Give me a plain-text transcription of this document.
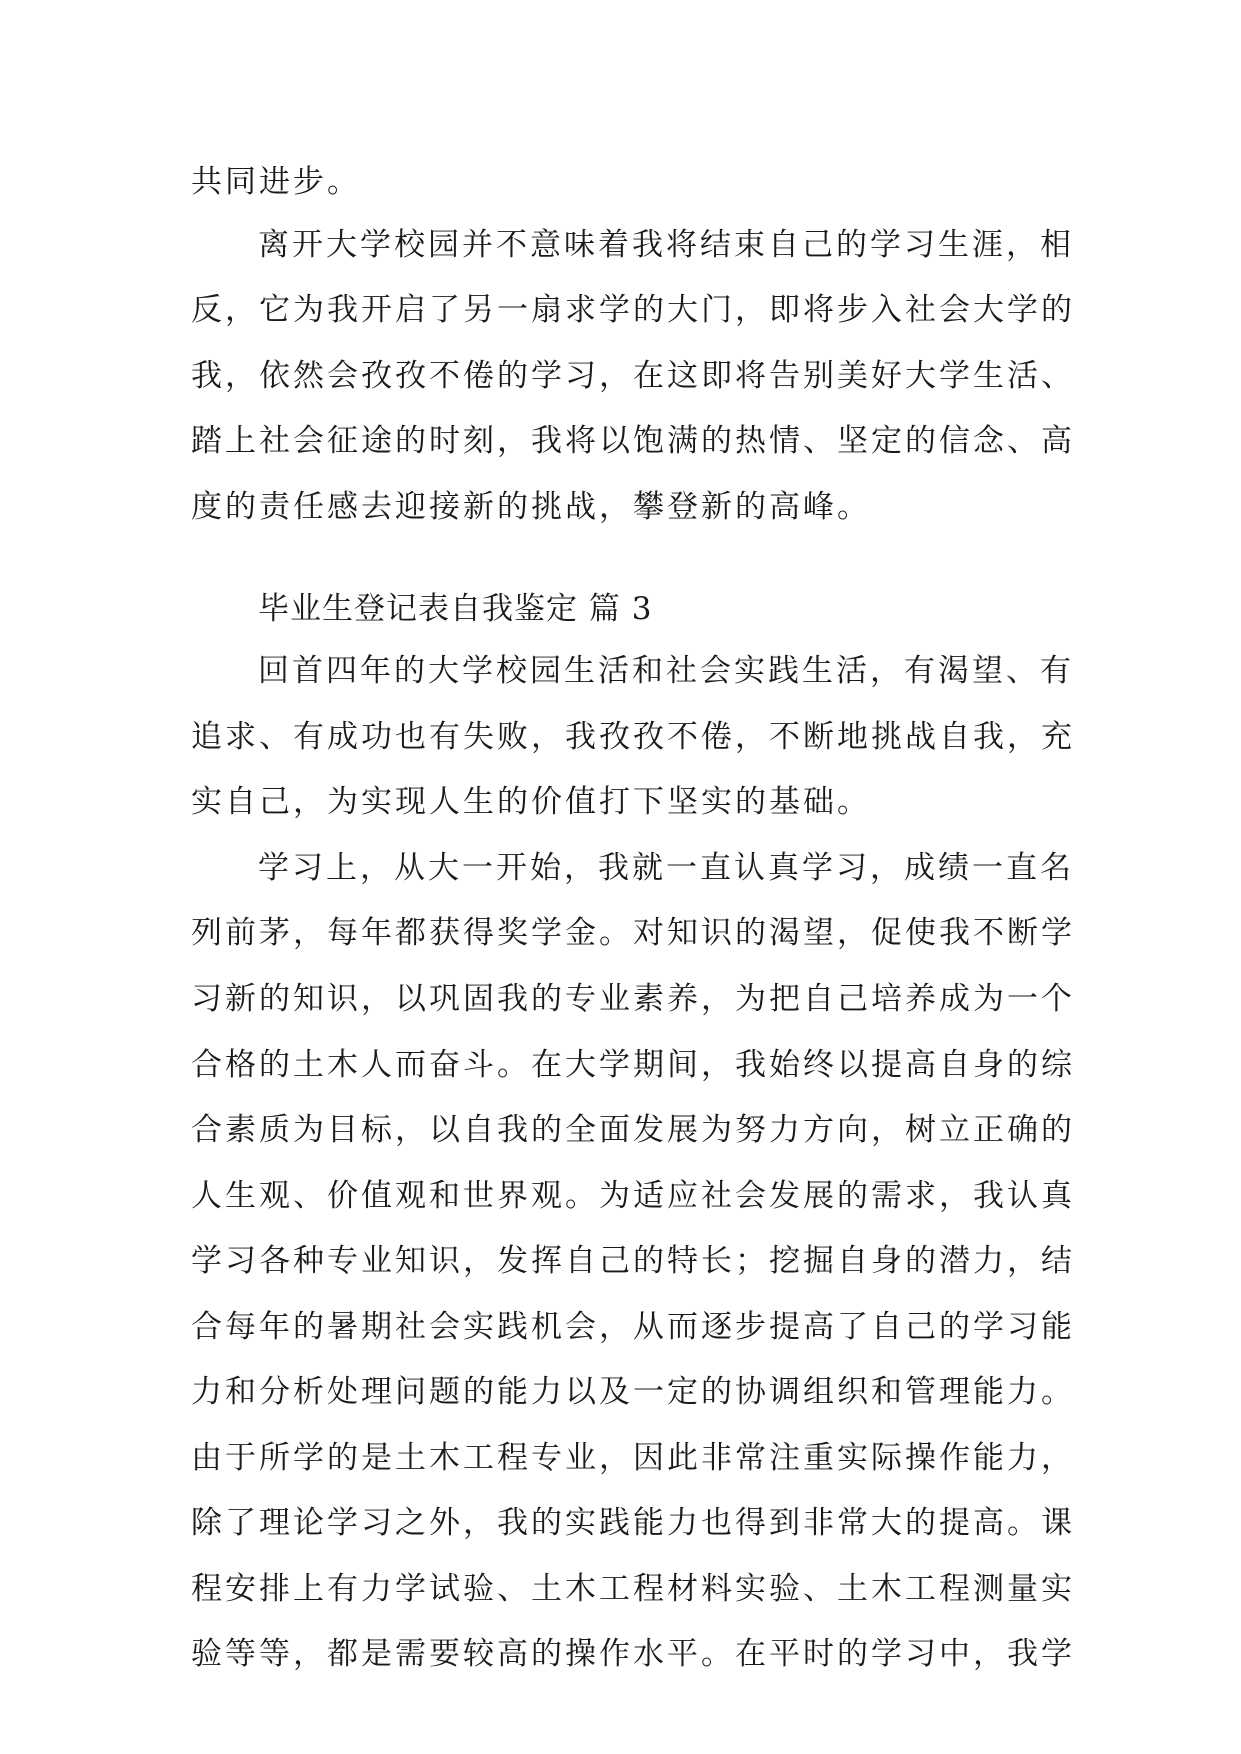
共同进步。
离开大学校园并不意味着我将结束自己的学习生涯，相
反，它为我开启了另一扇求学的大门，即将步入社会大学的
我，依然会孜孜不倦的学习，在这即将告别美好大学生活、
踏上社会征途的时刻，我将以饱满的热情、坚定的信念、高
度的责任感去迎接新的挑战，攀登新的高峰。
毕业生登记表自我鉴定 篇 3
回首四年的大学校园生活和社会实践生活，有渴望、有
追求、有成功也有失败，我孜孜不倦，不断地挑战自我，充
实自己，为实现人生的价值打下坚实的基础。
学习上，从大一开始，我就一直认真学习，成绩一直名
列前茅，每年都获得奖学金。对知识的渴望，促使我不断学
习新的知识，以巩固我的专业素养，为把自己培养成为一个
合格的土木人而奋斗。在大学期间，我始终以提高自身的综
合素质为目标，以自我的全面发展为努力方向，树立正确的
人生观、价值观和世界观。为适应社会发展的需求，我认真
学习各种专业知识，发挥自己的特长；挖掘自身的潜力，结
合每年的暑期社会实践机会，从而逐步提高了自己的学习能
力和分析处理问题的能力以及一定的协调组织和管理能力。
由于所学的是土木工程专业，因此非常注重实际操作能力，
除了理论学习之外，我的实践能力也得到非常大的提高。课
程安排上有力学试验、土木工程材料实验、土木工程测量实
验等等，都是需要较高的操作水平。在平时的学习中，我学
